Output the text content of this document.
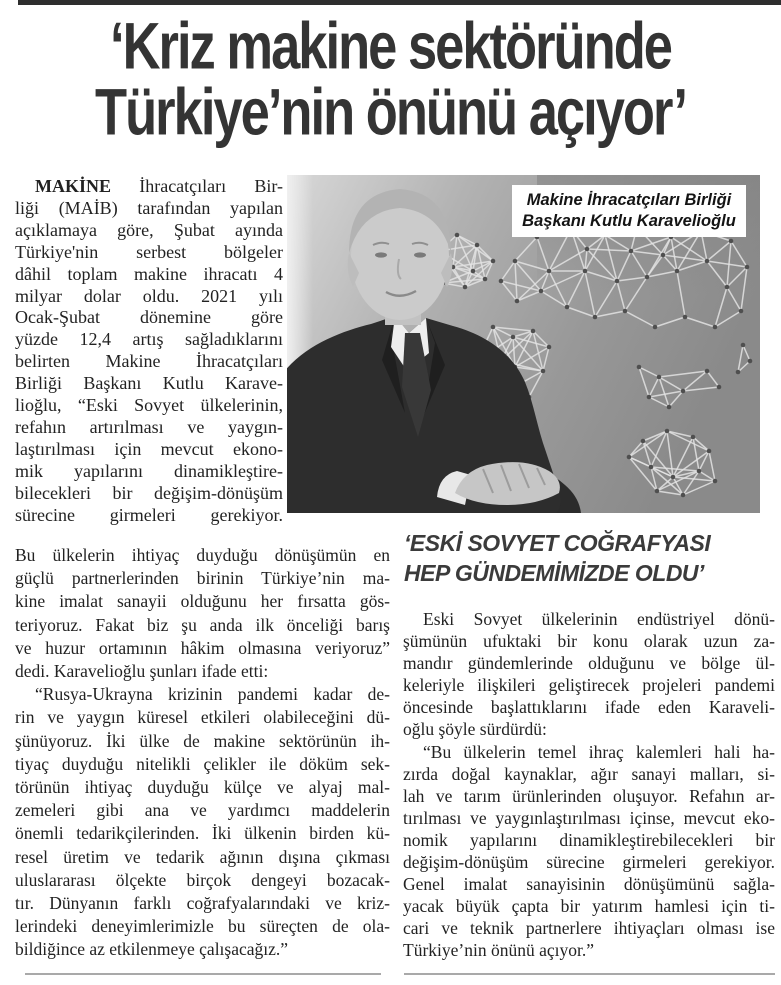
‘Kriz makine sektöründe
Türkiye’nin önünü açıyor’
MAKİNE İhracatçıları Bir-
liği (MAİB) tarafından yapılan
açıklamaya göre, Şubat ayında
Türkiye'nin serbest bölgeler
dâhil toplam makine ihracatı 4
milyar dolar oldu. 2021 yılı
Ocak-Şubat dönemine göre
yüzde 12,4 artış sağladıklarını
belirten Makine İhracatçıları
Birliği Başkanı Kutlu Karave-
lioğlu, “Eski Sovyet ülkelerinin,
refahın artırılması ve yaygın-
laştırılması için mevcut ekono-
mik yapılarını dinamikleştire-
bilecekleri bir değişim-dönüşüm
sürecine girmeleri gerekiyor.
Makine İhracatçıları Birliği
Başkanı Kutlu Karavelioğlu
Bu ülkelerin ihtiyaç duyduğu dönüşümün en
güçlü partnerlerinden birinin Türkiye’nin ma-
kine imalat sanayii olduğunu her fırsatta gös-
teriyoruz. Fakat biz şu anda ilk önceliği barış
ve huzur ortamının hâkim olmasına veriyoruz”
dedi. Karavelioğlu şunları ifade etti:
“Rusya-Ukrayna krizinin pandemi kadar de-
rin ve yaygın küresel etkileri olabileceğini dü-
şünüyoruz. İki ülke de makine sektörünün ih-
tiyaç duyduğu nitelikli çelikler ile döküm sek-
törünün ihtiyaç duyduğu külçe ve alyaj mal-
zemeleri gibi ana ve yardımcı maddelerin
önemli tedarikçilerinden. İki ülkenin birden kü-
resel üretim ve tedarik ağının dışına çıkması
uluslararası ölçekte birçok dengeyi bozacak-
tır. Dünyanın farklı coğrafyalarındaki ve kriz-
lerindeki deneyimlerimizle bu süreçten de ola-
bildiğince az etkilenmeye çalışacağız.”
‘ESKİ SOVYET COĞRAFYASI
HEP GÜNDEMİMİZDE OLDU’
Eski Sovyet ülkelerinin endüstriyel dönü-
şümünün ufuktaki bir konu olarak uzun za-
mandır gündemlerinde olduğunu ve bölge ül-
keleriyle ilişkileri geliştirecek projeleri pandemi
öncesinde başlattıklarını ifade eden Karaveli-
oğlu şöyle sürdürdü:
“Bu ülkelerin temel ihraç kalemleri hali ha-
zırda doğal kaynaklar, ağır sanayi malları, si-
lah ve tarım ürünlerinden oluşuyor. Refahın ar-
tırılması ve yaygınlaştırılması içinse, mevcut eko-
nomik yapılarını dinamikleştirebilecekleri bir
değişim-dönüşüm sürecine girmeleri gerekiyor.
Genel imalat sanayisinin dönüşümünü sağla-
yacak büyük çapta bir yatırım hamlesi için ti-
cari ve teknik partnerlere ihtiyaçları olması ise
Türkiye’nin önünü açıyor.”
